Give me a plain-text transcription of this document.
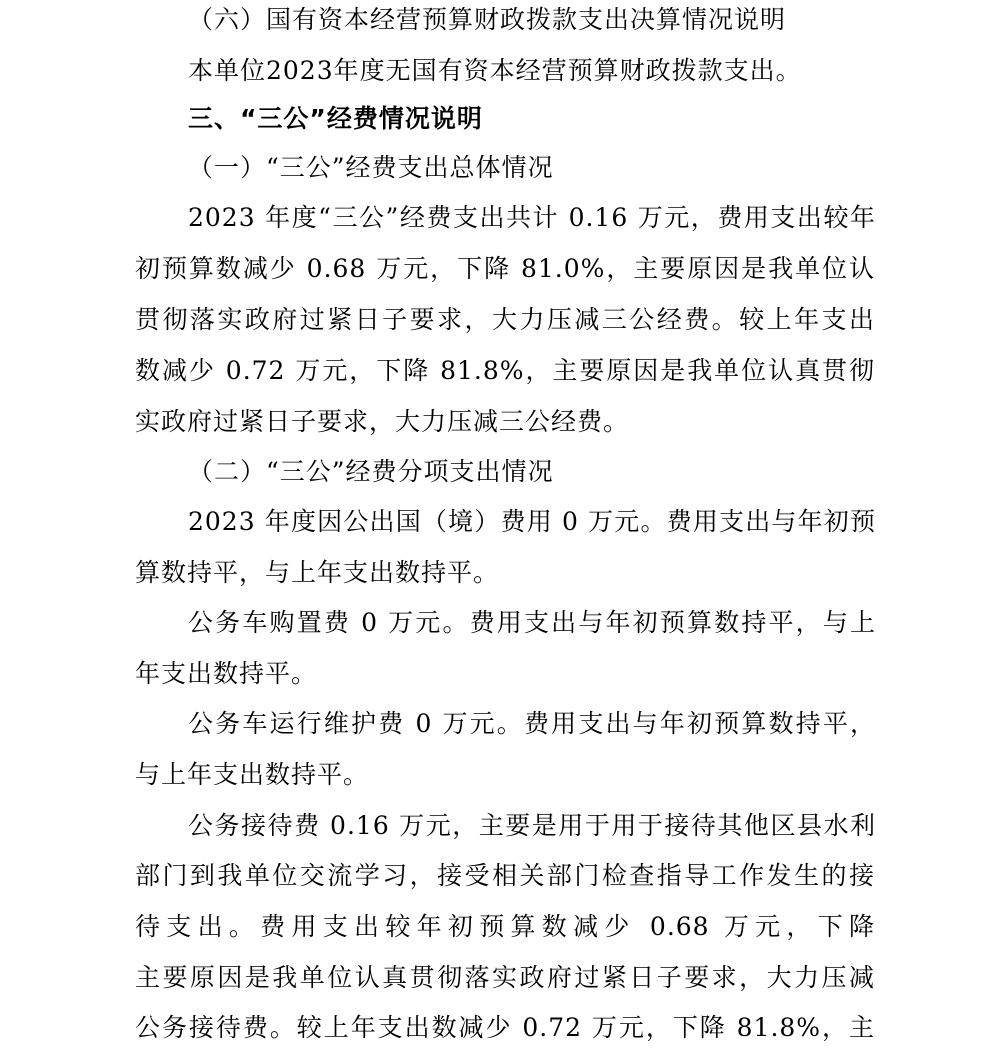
（六）国有资本经营预算财政拨款支出决算情况说明
本单位2023年度无国有资本经营预算财政拨款支出。
三、“三公”经费情况说明
（一）“三公”经费支出总体情况
2023 年度“三公”经费支出共计 0.16 万元，费用支出较年
初预算数减少 0.68 万元，下降 81.0%，主要原因是我单位认
贯彻落实政府过紧日子要求，大力压减三公经费。较上年支出
数减少 0.72 万元，下降 81.8%，主要原因是我单位认真贯彻
实政府过紧日子要求，大力压减三公经费。
（二）“三公”经费分项支出情况
2023 年度因公出国（境）费用 0 万元。费用支出与年初预
算数持平，与上年支出数持平。
公务车购置费 0 万元。费用支出与年初预算数持平，与上
年支出数持平。
公务车运行维护费 0 万元。费用支出与年初预算数持平，
与上年支出数持平。
公务接待费 0.16 万元，主要是用于用于接待其他区县水利
部门到我单位交流学习，接受相关部门检查指导工作发生的接
待支出。费用支出较年初预算数减少 0.68 万元，下降
主要原因是我单位认真贯彻落实政府过紧日子要求，大力压减
公务接待费。较上年支出数减少 0.72 万元，下降 81.8%，主
